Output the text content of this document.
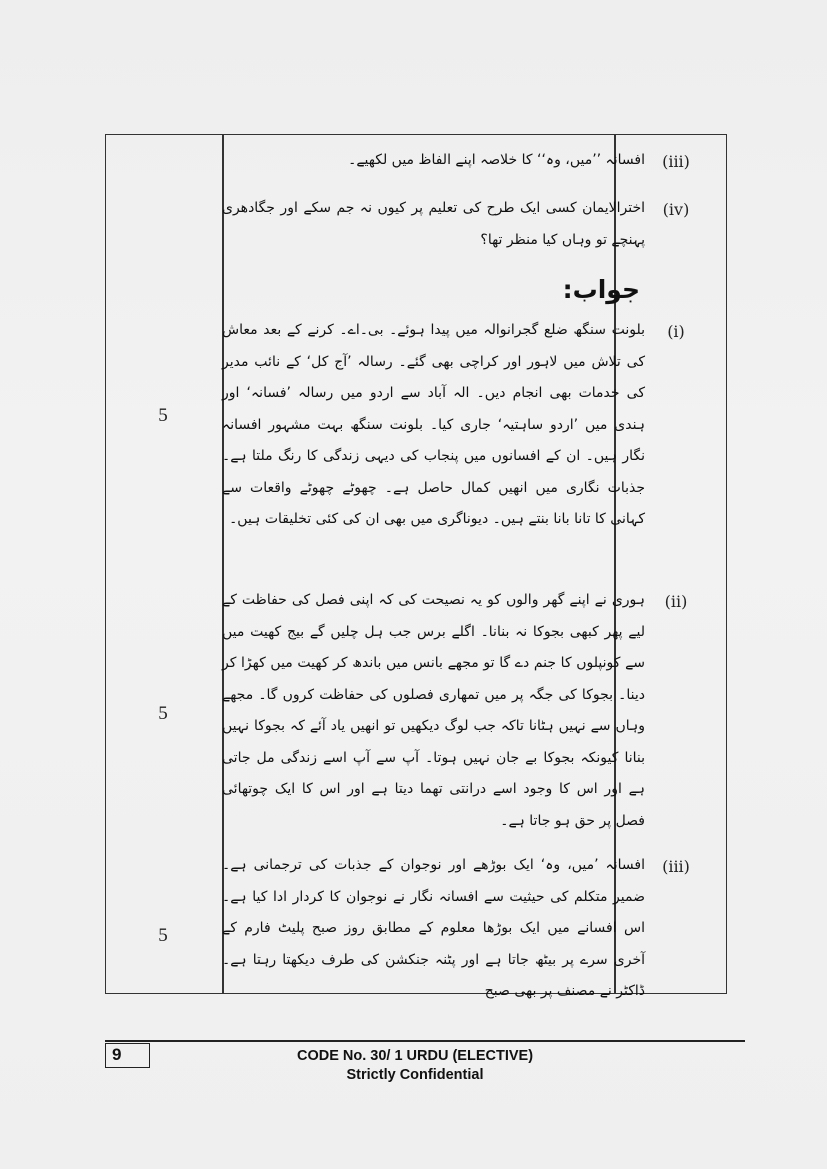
(iii)
افسانہ ’’میں، وہ‘‘ کا خلاصہ اپنے الفاظ میں لکھیے۔
(iv)
اخترالایمان کسی ایک طرح کی تعلیم پر کیوں نہ جم سکے اور جگادھری پہنچے تو وہاں کیا منظر تھا؟
جواب:
(i)
بلونت سنگھ ضلع گجرانوالہ میں پیدا ہوئے۔ بی۔اے۔ کرنے کے بعد معاش کی تلاش میں لاہور اور کراچی بھی گئے۔ رسالہ ’آج کل‘ کے نائب مدیر کی خدمات بھی انجام دیں۔ الہ آباد سے اردو میں رسالہ ’فسانہ‘ اور ہندی میں ’اردو ساہتیہ‘ جاری کیا۔ بلونت سنگھ بہت مشہور افسانہ نگار ہیں۔ ان کے افسانوں میں پنجاب کی دیہی زندگی کا رنگ ملتا ہے۔ جذبات نگاری میں انھیں کمال حاصل ہے۔ چھوٹے چھوٹے واقعات سے کہانی کا تانا بانا بنتے ہیں۔ دیوناگری میں بھی ان کی کئی تخلیقات ہیں۔
5
(ii)
ہوری نے اپنے گھر والوں کو یہ نصیحت کی کہ اپنی فصل کی حفاظت کے لیے پھر کبھی بجوکا نہ بنانا۔ اگلے برس جب ہل چلیں گے بیج کھیت میں سے کونپلوں کا جنم دے گا تو مجھے بانس میں باندھ کر کھیت میں کھڑا کر دینا۔ بجوکا کی جگہ پر میں تمھاری فصلوں کی حفاظت کروں گا۔ مجھے وہاں سے نہیں ہٹانا تاکہ جب لوگ دیکھیں تو انھیں یاد آئے کہ بجوکا نہیں بنانا کیونکہ بجوکا بے جان نہیں ہوتا۔ آپ سے آپ اسے زندگی مل جاتی ہے اور اس کا وجود اسے درانتی تھما دیتا ہے اور اس کا ایک چوتھائی فصل پر حق ہو جاتا ہے۔
5
(iii)
افسانہ ’میں، وہ‘ ایک بوڑھے اور نوجوان کے جذبات کی ترجمانی ہے۔ ضمیر متکلم کی حیثیت سے افسانہ نگار نے نوجوان کا کردار ادا کیا ہے۔ اس افسانے میں ایک بوڑھا معلوم کے مطابق روز صبح پلیٹ فارم کے آخری سرے پر بیٹھ جاتا ہے اور پٹنہ جنکشن کی طرف دیکھتا رہتا ہے۔ ڈاکٹر نے مصنف پر بھی صبح
5
9	CODE No. 30/ 1 URDU (ELECTIVE)
Strictly Confidential
